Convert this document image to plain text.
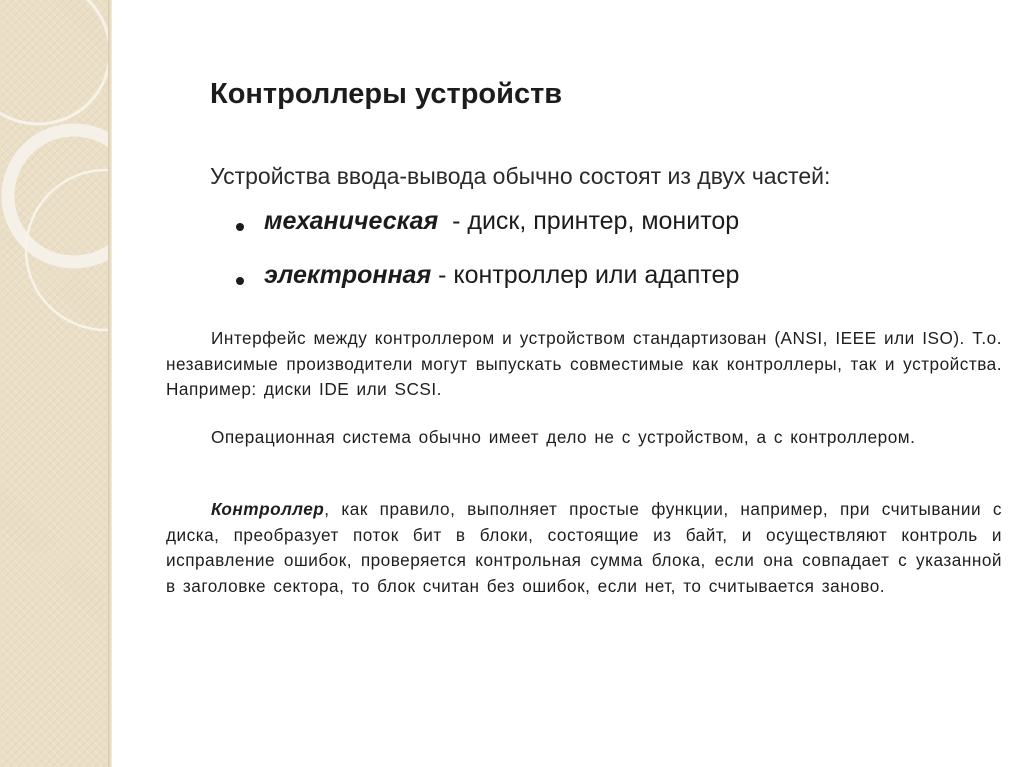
Контроллеры устройств

Устройства ввода-вывода обычно состоят из двух частей:

механическая  - диск, принтер, монитор
электронная - контроллер или адаптер

Интерфейс между контроллером и устройством стандартизован (ANSI, IEEE или ISO). Т.о. независимые производители могут выпускать совместимые как контроллеры, так и устройства. Например: диски IDE или SCSI.

Операционная система обычно имеет дело не с устройством, а с контроллером.

Контроллер, как правило, выполняет простые функции, например, при считывании с диска, преобразует поток бит в блоки, состоящие из байт, и осуществляют контроль и исправление ошибок, проверяется контрольная сумма блока, если она совпадает с указанной в заголовке сектора, то блок считан без ошибок, если нет, то считывается заново.
